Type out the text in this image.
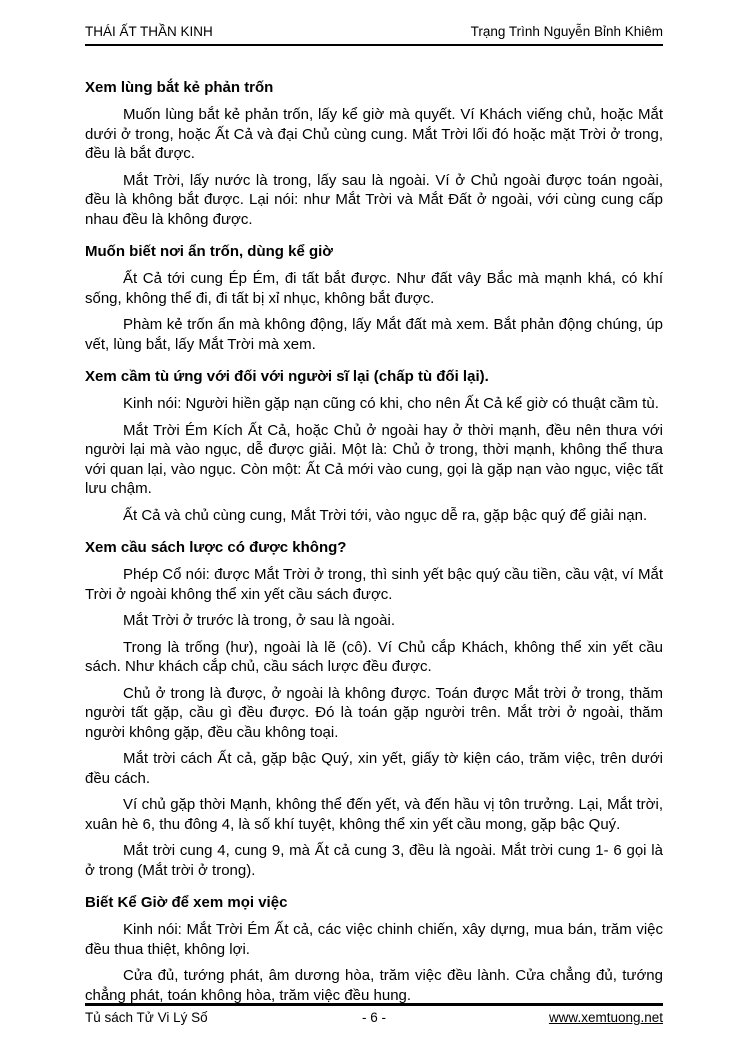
THÁI ẤT THẦN KINH	Trạng Trình Nguyễn Bỉnh Khiêm
Xem lùng bắt kẻ phản trốn

Muốn lùng bắt kẻ phản trốn, lấy kể giờ mà quyết. Ví Khách viếng chủ, hoặc Mắt dưới ở trong, hoặc Ất Cả và đại Chủ cùng cung. Mắt Trời lối đó hoặc mặt Trời ở trong, đều là bắt được.

Mắt Trời, lấy nước là trong, lấy sau là ngoài. Ví ở Chủ ngoài được toán ngoài, đều là không bắt được. Lại nói: như Mắt Trời và Mắt Đất ở ngoài, với cùng cung cấp nhau đều là không được.

Muốn biết nơi ẩn trốn, dùng kể giờ

Ất Cả tới cung Ép Ém, đi tất bắt được. Như đất vây Bắc mà mạnh khá, có khí sống, không thể đi, đi tất bị xỉ nhục, không bắt được.

Phàm kẻ trốn ẩn mà không động, lấy Mắt đất mà xem. Bắt phản động chúng, úp vết, lùng bắt, lấy Mắt Trời mà xem.

Xem cầm tù ứng với đối với người sĩ lại (chấp tù đối lại).

Kinh nói: Người hiền gặp nạn cũng có khi, cho nên Ất Cả kể giờ có thuật cầm tù.

Mắt Trời Ém Kích Ất Cả, hoặc Chủ ở ngoài hay ở thời mạnh, đều nên thưa với người lại mà vào ngục, dễ được giải. Một là: Chủ ở trong, thời mạnh, không thể thưa với quan lại, vào ngục. Còn một: Ất Cả mới vào cung, gọi là gặp nạn vào ngục, việc tất lưu chậm.

Ất Cả và chủ cùng cung, Mắt Trời tới, vào ngục dễ ra, gặp bậc quý để giải nạn.

Xem cầu sách lược có được không?

Phép Cổ nói: được Mắt Trời ở trong, thì sinh yết bậc quý cầu tiền, cầu vật, ví Mắt Trời ở ngoài không thể xin yết cầu sách được.

Mắt Trời ở trước là trong, ở sau là ngoài.

Trong là trống (hư), ngoài là lẽ (cô). Ví Chủ cắp Khách, không thể xin yết cầu sách. Như khách cắp chủ, cầu sách lược đều được.

Chủ ở trong là được, ở ngoài là không được. Toán được Mắt trời ở trong, thăm người tất gặp, cầu gì đều được. Đó là toán gặp người trên. Mắt trời ở ngoài, thăm người không gặp, đều cầu không toại.

Mắt trời cách Ất cả, gặp bậc Quý, xin yết, giấy tờ kiện cáo, trăm việc, trên dưới đều cách.

Ví chủ gặp thời Mạnh, không thể đến yết, và đến hầu vị tôn trưởng. Lại, Mắt trời, xuân hè 6, thu đông 4, là số khí tuyệt, không thể xin yết cầu mong, gặp bậc Quý.

Mắt trời cung 4, cung 9, mà Ất cả cung 3, đều là ngoài. Mắt trời cung 1- 6 gọi là ở trong (Mắt trời ở trong).

Biết Kể Giờ để xem mọi việc

Kinh nói: Mắt Trời Ém Ất cả, các việc chinh chiến, xây dựng, mua bán, trăm việc đều thua thiệt, không lợi.

Cửa đủ, tướng phát, âm dương hòa, trăm việc đều lành. Cửa chẳng đủ, tướng chẳng phát, toán không hòa, trăm việc đều hung.

Tủ sách Tử Vi Lý Số	- 6 -	www.xemtuong.net
